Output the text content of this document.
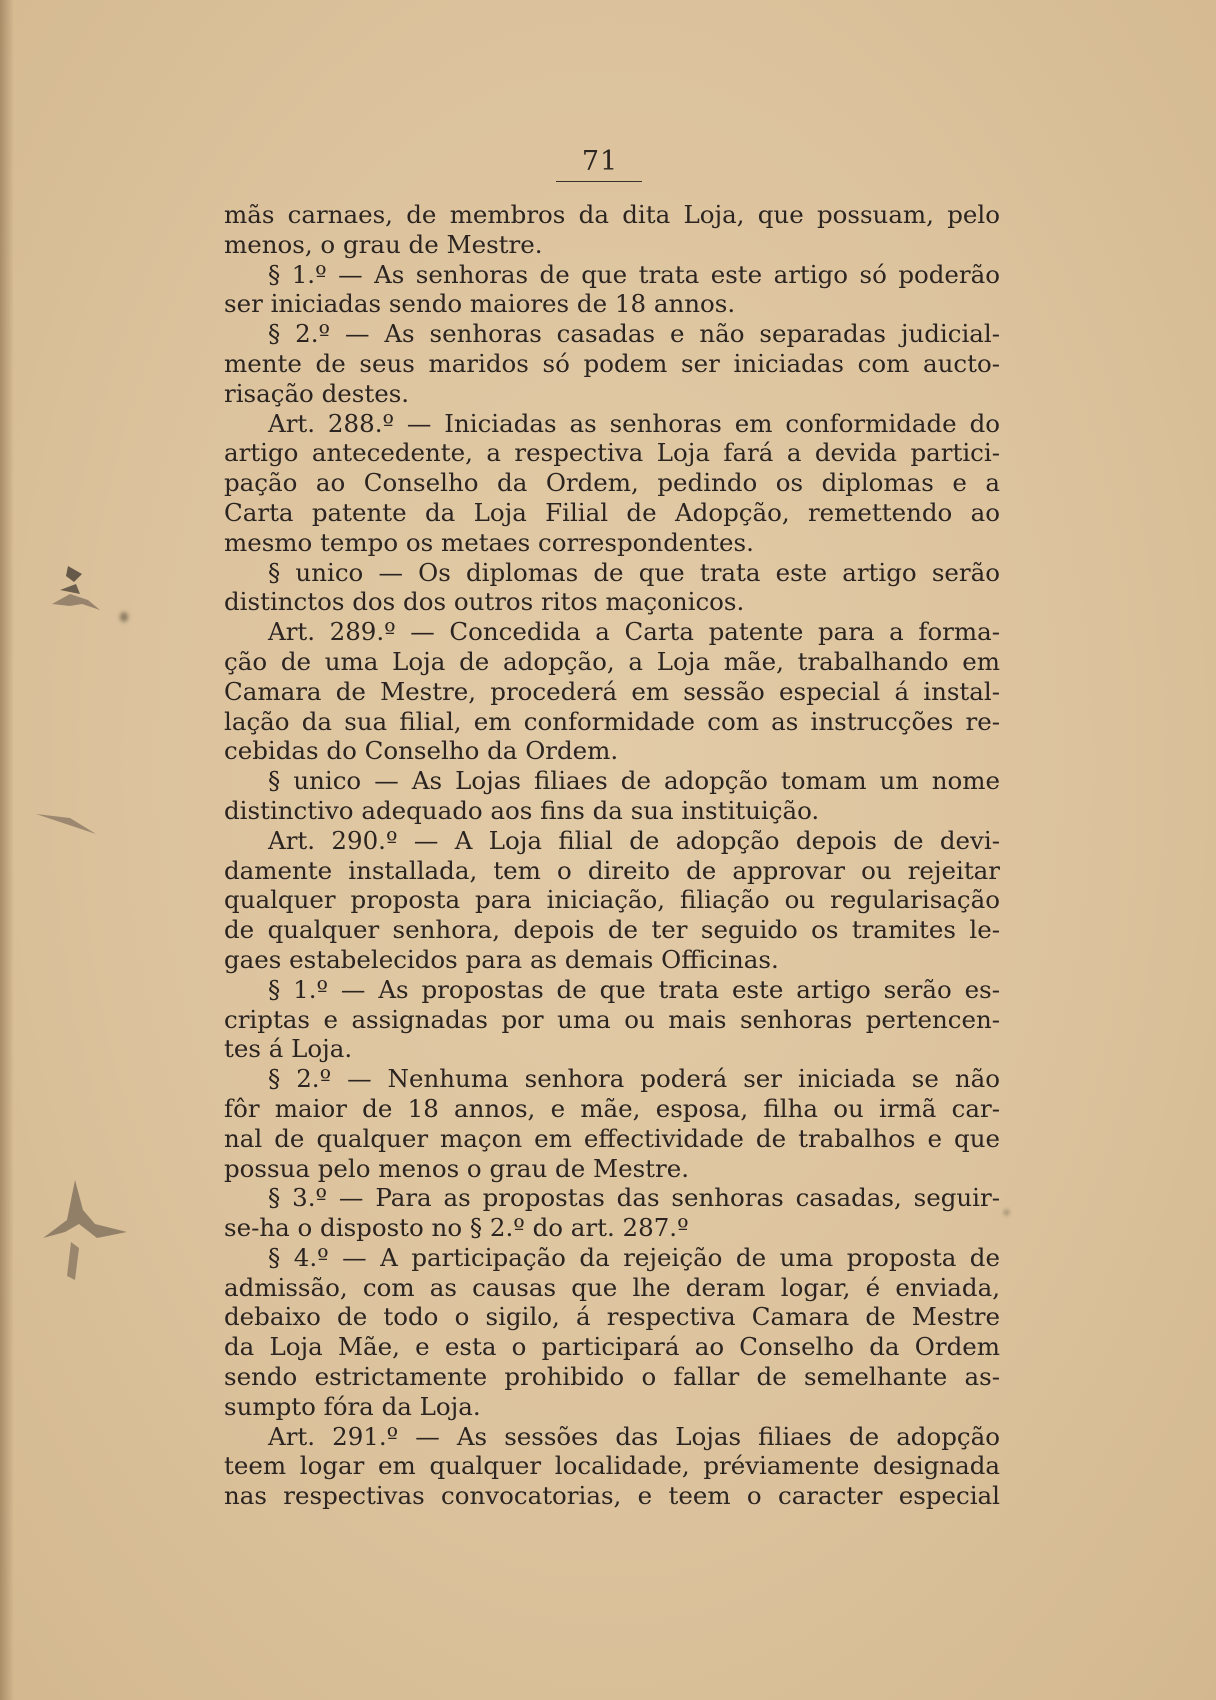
71
mãs carnaes, de membros da dita Loja, que possuam, pelo
menos, o grau de Mestre.
§ 1.º — As senhoras de que trata este artigo só poderão
ser iniciadas sendo maiores de 18 annos.
§ 2.º — As senhoras casadas e não separadas judicial-
mente de seus maridos só podem ser iniciadas com aucto-
risação destes.
Art. 288.º — Iniciadas as senhoras em conformidade do
artigo antecedente, a respectiva Loja fará a devida partici-
pação ao Conselho da Ordem, pedindo os diplomas e a
Carta patente da Loja Filial de Adopção, remettendo ao
mesmo tempo os metaes correspondentes.
§ unico — Os diplomas de que trata este artigo serão
distinctos dos dos outros ritos maçonicos.
Art. 289.º — Concedida a Carta patente para a forma-
ção de uma Loja de adopção, a Loja mãe, trabalhando em
Camara de Mestre, procederá em sessão especial á instal-
lação da sua filial, em conformidade com as instrucções re-
cebidas do Conselho da Ordem.
§ unico — As Lojas filiaes de adopção tomam um nome
distinctivo adequado aos fins da sua instituição.
Art. 290.º — A Loja filial de adopção depois de devi-
damente installada, tem o direito de approvar ou rejeitar
qualquer proposta para iniciação, filiação ou regularisação
de qualquer senhora, depois de ter seguido os tramites le-
gaes estabelecidos para as demais Officinas.
§ 1.º — As propostas de que trata este artigo serão es-
criptas e assignadas por uma ou mais senhoras pertencen-
tes á Loja.
§ 2.º — Nenhuma senhora poderá ser iniciada se não
fôr maior de 18 annos, e mãe, esposa, filha ou irmã car-
nal de qualquer maçon em effectividade de trabalhos e que
possua pelo menos o grau de Mestre.
§ 3.º — Para as propostas das senhoras casadas, seguir-
se-ha o disposto no § 2.º do art. 287.º
§ 4.º — A participação da rejeição de uma proposta de
admissão, com as causas que lhe deram logar, é enviada,
debaixo de todo o sigilo, á respectiva Camara de Mestre
da Loja Mãe, e esta o participará ao Conselho da Ordem
sendo estrictamente prohibido o fallar de semelhante as-
sumpto fóra da Loja.
Art. 291.º — As sessões das Lojas filiaes de adopção
teem logar em qualquer localidade, préviamente designada
nas respectivas convocatorias, e teem o caracter especial
